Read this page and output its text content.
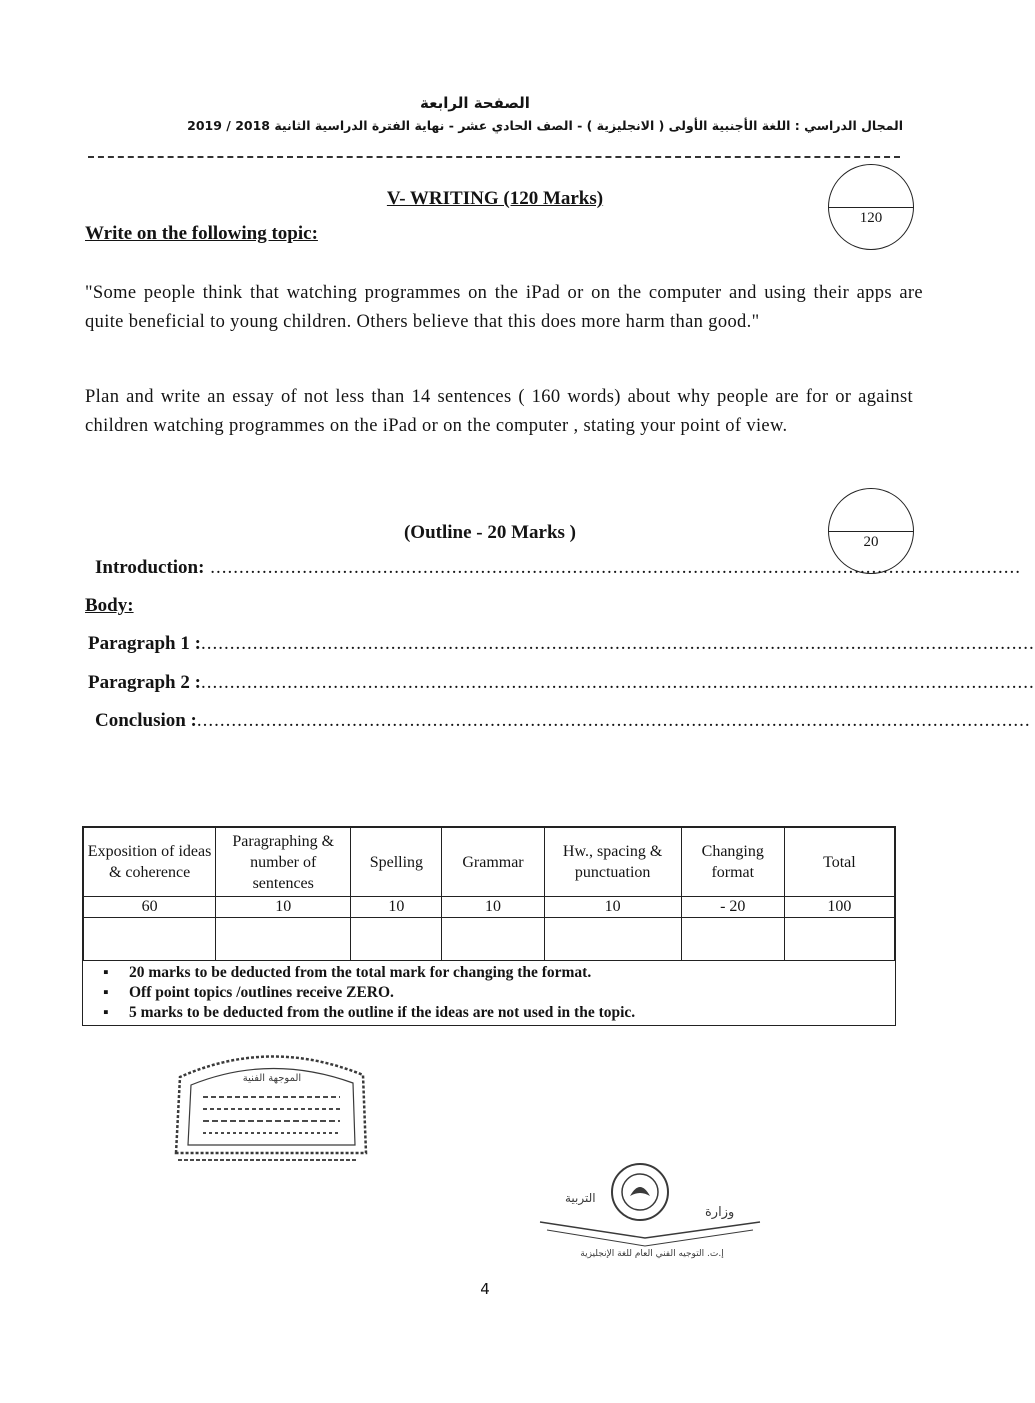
الصفحة الرابعة
المجال الدراسي : اللغة الأجنبية الأولى ( الانجليزية ) - الصف الحادي عشر - نهاية الفترة الدراسية الثانية 2018 / 2019
V- WRITING (120 Marks)
120
Write on the following topic:
"Some people think that watching programmes on the iPad or on the computer and using their apps are quite beneficial to young children. Others believe that this does more harm than good."
Plan and write an essay of not less than 14 sentences ( 160 words) about why people are for or against children watching programmes on the iPad or on the computer , stating your point of view.
(Outline - 20 Marks )	20
Introduction: .............................................................................................................................................
Body:
Paragraph 1 : .................................................................................................................................................
Paragraph 2 : .................................................................................................................................................
Conclusion : .................................................................................................................................................
Exposition of ideas & coherence	Paragraphing & number of sentences	Spelling	Grammar	Hw., spacing & punctuation	Changing format	Total
60	10	10	10	10	- 20	100

▪ 20 marks to be deducted from the total mark for changing the format.
▪ Off point topics /outlines receive ZERO.
▪ 5 marks to be deducted from the outline if the ideas are not used in the topic.
الموجهة الفنية
التربية
وزارة
إ.ت. التوجيه الفني العام للغة الإنجليزية
4
